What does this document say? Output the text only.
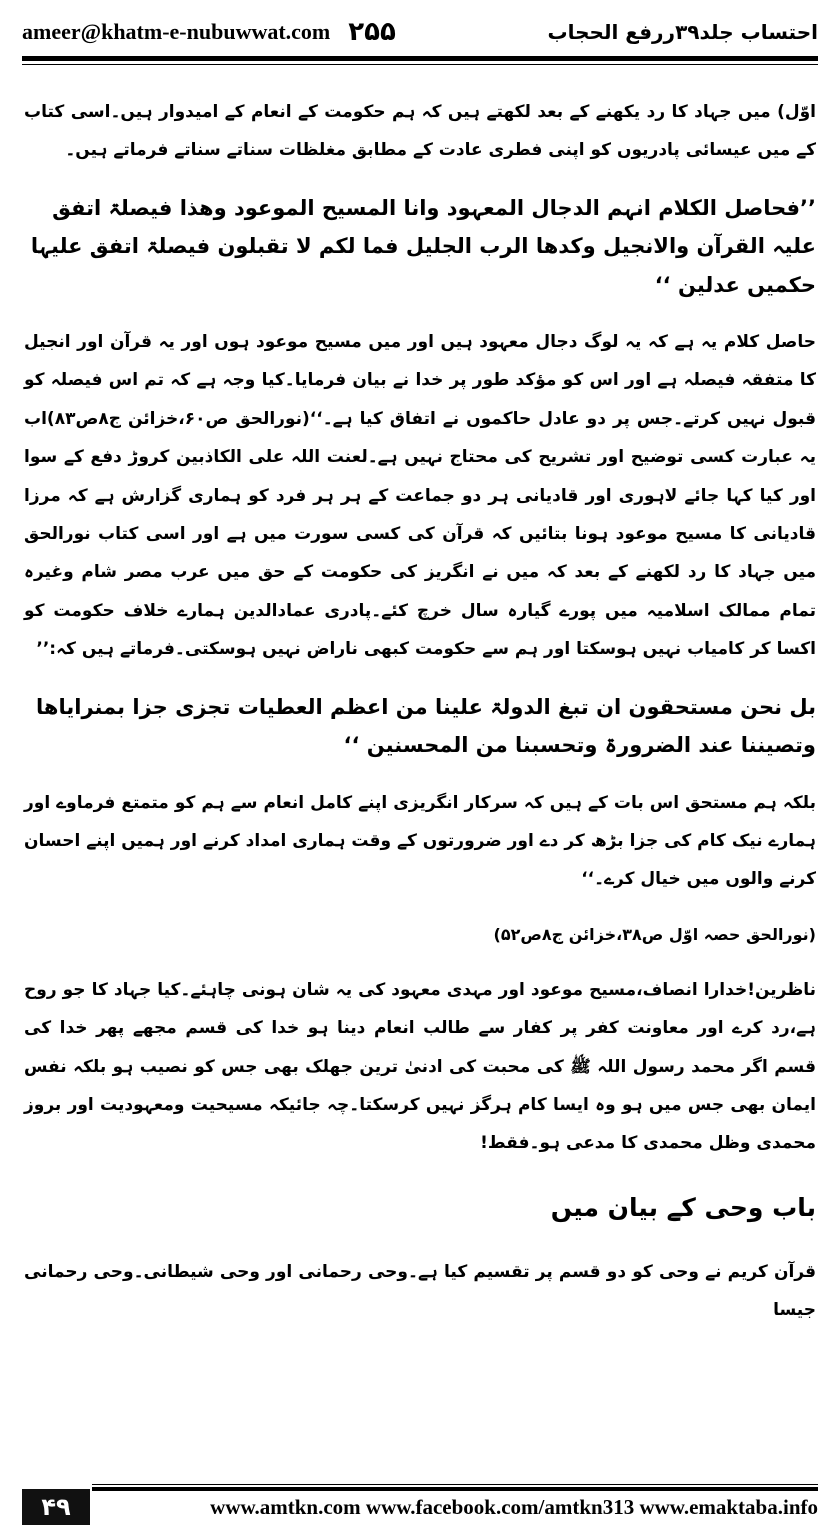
ameer@khatm-e-nubuwwat.com ۲۵۵	احتساب جلد۳۹ررفع الحجاب

اوّل) میں جہاد کا رد یکھنے کے بعد لکھتے ہیں کہ ہم حکومت کے انعام کے امیدوار ہیں۔اسی کتاب کے میں عیسائی پادریوں کو اپنی فطری عادت کے مطابق مغلظات سناتے سناتے فرماتے ہیں۔

’’فحاصل الکلام انہم الدجال المعہود وانا المسیح الموعود وھذا فیصلۃ اتفق علیہ القرآن والانجیل وکدھا الرب الجلیل فما لکم لا تقبلون فیصلۃ اتفق علیہا حکمیں عدلین ‘‘

حاصل کلام یہ ہے کہ یہ لوگ دجال معہود ہیں اور میں مسیح موعود ہوں اور یہ قرآن اور انجیل کا متفقہ فیصلہ ہے اور اس کو مؤکد طور پر خدا نے بیان فرمایا۔کیا وجہ ہے کہ تم اس فیصلہ کو قبول نہیں کرتے۔جس پر دو عادل حاکموں نے اتفاق کیا ہے۔‘‘(نورالحق ص۶۰،خزائن ج۸ص۸۳)اب یہ عبارت کسی توضیح اور تشریح کی محتاج نہیں ہے۔لعنت اللہ علی الکاذبین کروڑ دفع کے سوا اور کیا کہا جائے لاہوری اور قادیانی ہر دو جماعت کے ہر ہر فرد کو ہماری گزارش ہے کہ مرزا قادیانی کا مسیح موعود ہونا بتائیں کہ قرآن کی کسی سورت میں ہے اور اسی کتاب نورالحق میں جہاد کا رد لکھنے کے بعد کہ میں نے انگریز کی حکومت کے حق میں عرب مصر شام وغیرہ تمام ممالک اسلامیہ میں پورے گیارہ سال خرچ کئے۔پادری عمادالدین ہمارے خلاف حکومت کو اکسا کر کامیاب نہیں ہوسکتا اور ہم سے حکومت کبھی ناراض نہیں ہوسکتی۔فرماتے ہیں کہ:’’

بل نحن مستحقون ان تبغ الدولۃ علینا من اعظم العطیات تجزی جزا بمنرایاھا وتصیننا عند الضرورۃ وتحسبنا من المحسنین ‘‘

بلکہ ہم مستحق اس بات کے ہیں کہ سرکار انگریزی اپنے کامل انعام سے ہم کو متمتع فرماوے اور ہمارے نیک کام کی جزا بڑھ کر دے اور ضرورتوں کے وقت ہماری امداد کرنے اور ہمیں اپنے احسان کرنے والوں میں خیال کرے۔‘‘

(نورالحق حصہ اوّل ص۳۸،خزائن ج۸ص۵۲)

ناظرین!خدارا انصاف،مسیح موعود اور مہدی معہود کی یہ شان ہونی چاہئے۔کیا جہاد کا جو روح ہے،رد کرے اور معاونت کفر پر کفار سے طالب انعام دینا ہو خدا کی قسم مجھے پھر خدا کی قسم اگر محمد رسول اللہ ﷺ کی محبت کی ادنیٰ ترین جھلک بھی جس کو نصیب ہو بلکہ نفس ایمان بھی جس میں ہو وہ ایسا کام ہرگز نہیں کرسکتا۔چہ جائیکہ مسیحیت ومعہودیت اور بروز محمدی وظل محمدی کا مدعی ہو۔فقط!

باب وحی کے بیان میں

قرآن کریم نے وحی کو دو قسم پر تقسیم کیا ہے۔وحی رحمانی اور وحی شیطانی۔وحی رحمانی جیسا

۴۹	www.amtkn.com www.facebook.com/amtkn313 www.emaktaba.info
